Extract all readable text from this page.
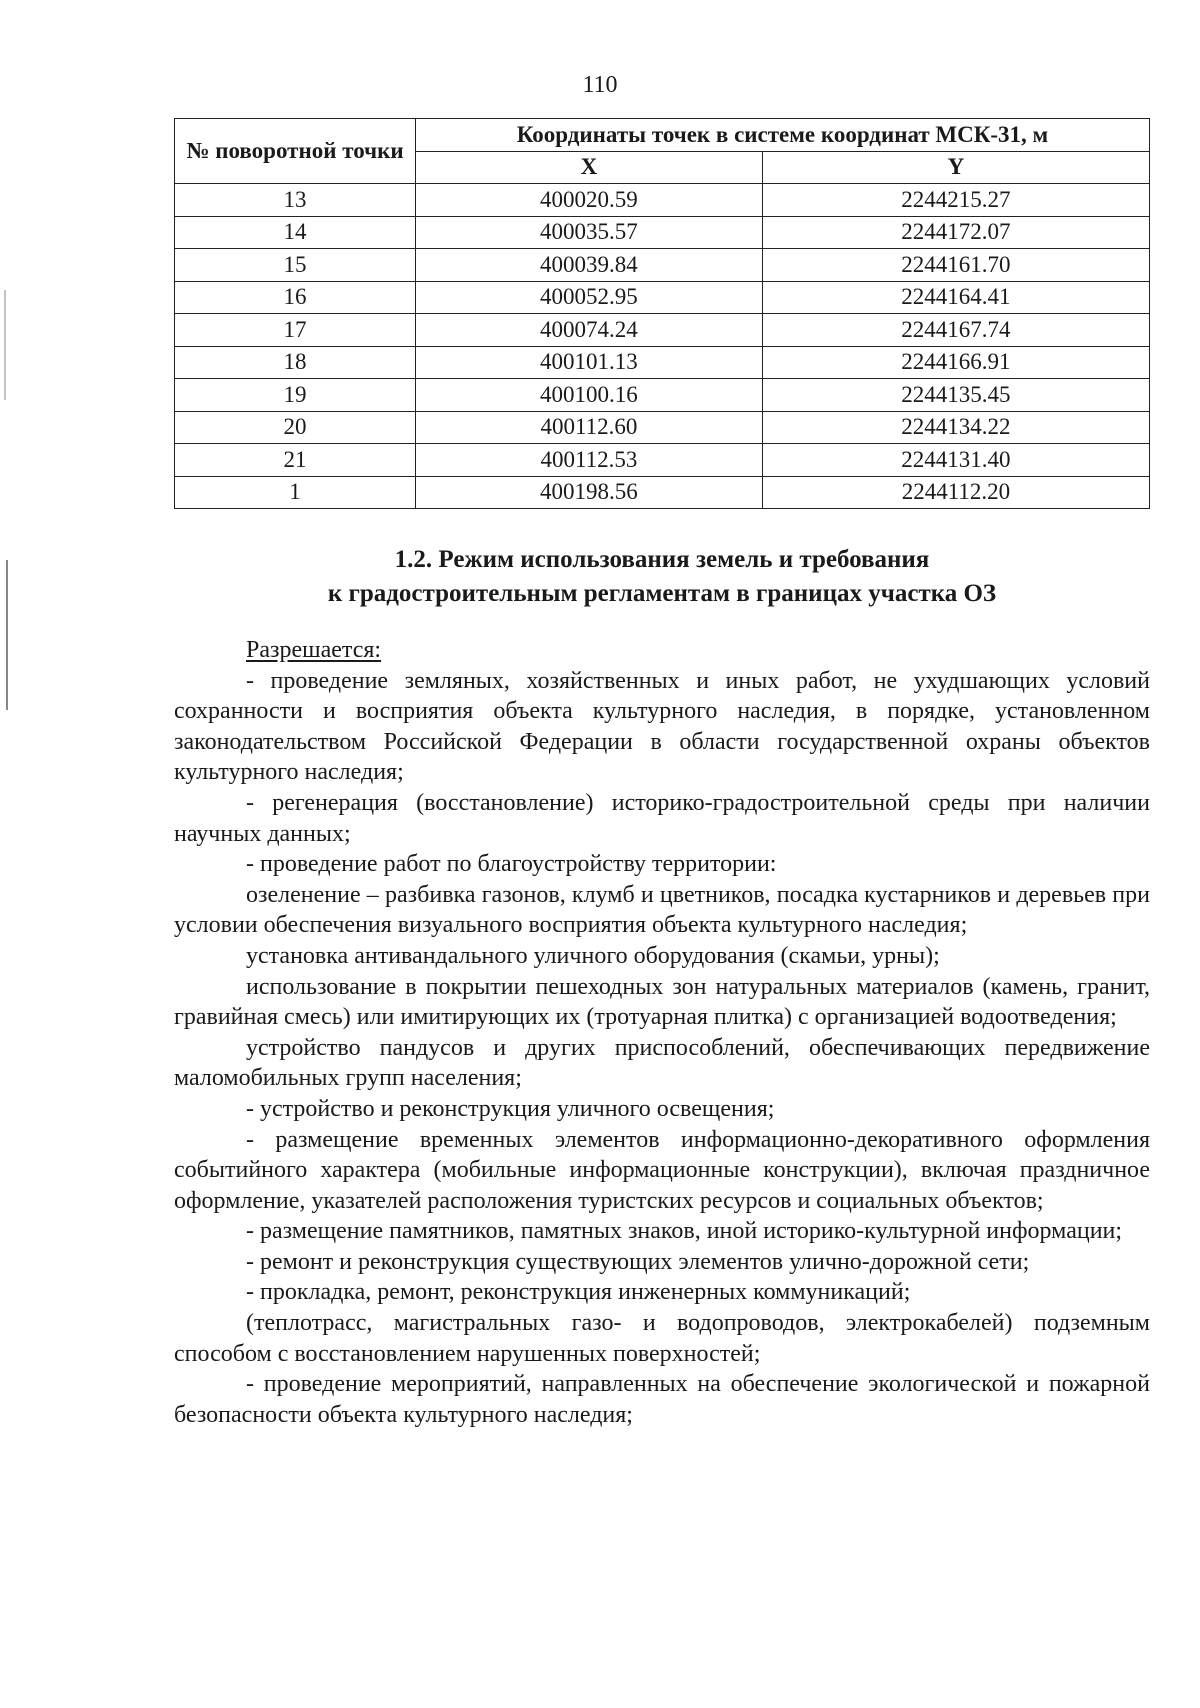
110
№ поворотной точки	Координаты точек в системе координат МСК-31, м	
	X	Y
13	400020.59	2244215.27
14	400035.57	2244172.07
15	400039.84	2244161.70
16	400052.95	2244164.41
17	400074.24	2244167.74
18	400101.13	2244166.91
19	400100.16	2244135.45
20	400112.60	2244134.22
21	400112.53	2244131.40
1	400198.56	2244112.20
1.2. Режим использования земель и требования
к градостроительным регламентам в границах участка ОЗ

Разрешается:

- проведение земляных, хозяйственных и иных работ, не ухудшающих условий сохранности и восприятия объекта культурного наследия, в порядке, установленном законодательством Российской Федерации в области государственной охраны объектов культурного наследия;

- регенерация (восстановление) историко-градостроительной среды при наличии научных данных;

- проведение работ по благоустройству территории:

озеленение – разбивка газонов, клумб и цветников, посадка кустарников и деревьев при условии обеспечения визуального восприятия объекта культурного наследия;

установка антивандального уличного оборудования (скамьи, урны);

использование в покрытии пешеходных зон натуральных материалов (камень, гранит, гравийная смесь) или имитирующих их (тротуарная плитка) с организацией водоотведения;

устройство пандусов и других приспособлений, обеспечивающих передвижение маломобильных групп населения;

- устройство и реконструкция уличного освещения;

- размещение временных элементов информационно-декоративного оформления событийного характера (мобильные информационные конструкции), включая праздничное оформление, указателей расположения туристских ресурсов и социальных объектов;

- размещение памятников, памятных знаков, иной историко-культурной информации;

- ремонт и реконструкция существующих элементов улично-дорожной сети;

- прокладка, ремонт, реконструкция инженерных коммуникаций;

(теплотрасс, магистральных газо- и водопроводов, электрокабелей) подземным способом с восстановлением нарушенных поверхностей;

- проведение мероприятий, направленных на обеспечение экологической и пожарной безопасности объекта культурного наследия;
